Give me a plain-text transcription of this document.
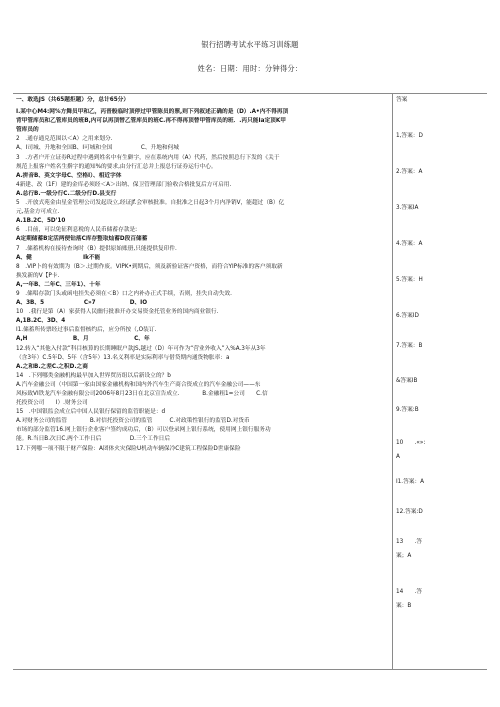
银行招聘考试水平练习训练題
姓名：日期：用时：分钟得分：
一、敢选JS（共65题拒题）分，总计65分）
I.某中心M4:网%方舞员甲和乙，丙晋般临时顶停过甲管陈员的票,则下列叙述正确的是（D）.A•内不得再顶
背甲管库员和乙管库员的班B,内可以再顶替乙管库员的班C.再不得再顶替甲管库员的班．.丙只能Ia定顶K甲
管库员的
2　.通存通兑范围以＜A）之用来划分.
A、I司城、升地和全国B、I可城和全国　　　　　C、升地和何城
3　.方者户开立证券R过程中遇到姓名中有生僻字，应在系统内用（A）代药，然后按照总行下发的《关于
规范上报客户姓名生擀字的通知%的要求,由分行汇总并上报总行证券运行中心。
A.拼音B、英文字母C、空格I）、相近字体
4新建、改（1F）建的金库必须经＜A＞出纳、保卫管理部门验收合格批复后方可启用.
A.总行B.一级分行C.二级分行D.县支行
5　.开放式苑金由星金管理公司发起设立,经证Jf.会审核批准。自批准之日起3个月内净销V，能超过（B）亿
元,基金方可成立.
A.1B.2C、5D'10
6　.目前，可以免征利息税的人民币储蓄存款是:
A定期储蓄B定活两便钻落C库存整取灿蓄D段百储蓄
7　.储蓄机构在接待查询时（B）提供原始账册,只能提供复印件.
A、健　　　　　　　　　Ik不能
8　.VIP卜的有效期为（B＞.过期作废。VIPK•到期后，须及新验证客户资格，而符合YIP标准的客户须取新
换发新的V【P卡.
A,一年B、二年C、三年1）、十年
9　.储唱存款门头或函电挂失必须在＜B）口之内补办正式手续，否则，挂失自动失效.
A、3B、5　　　　　　　C»7　　　　　　D、IO
10　.我行是第（A）家获得人民幽行批准开办交易资金托管业务的国内商业银行.
A,1B.2C、3D、4
I1.储蓄所传票经过事后监督核约后，应分所按（,O装订.
A,H　　　　　　　　B、月　　　　　　　　C、年
12.转入“其他入付款”科目核算的长期睡眠户款JS,越过（D）年可作为“营业外收入”入%A.3年从3年
（含3年）C.5年D、5年（含5年）13.名义利率是实际利率与借贷期内通货物胀率：a
A.之和B.之差C.之积D.之商
14　.下列哪类金融机构最早加入世界贸历组以后新设立的？b
A.汽车金融公司（中国第一家由国家金融机构和国内外汽车生产商合资成立的汽车金融公司——东
风标致VI铁龙汽车金融有限公司2006年8月23日在北京宣告成立.　　　　B.金融租1=公司　　C.信
托投资公司　　I）.财务公司
15　.中国银监会成立后中国人民银行保留的监管职能是：d
A.对财务公司的监管　　　　B.对信托投资公司的监管　　　C.对政策性银行的监管D.对货币
市场的部分监管16.网上银行企业客户签约成功后，（B）可以登录网上银行系统，使用网上银行服务功
能。R.当日B.次日C.两个工作日后　　　　　D.三个工作日后
17.下列哪一项不限于财产保险：A团体火灾保险U机动车辆保冷C建筑工程保险D世康保险
答案
1,答案：D
2.答案：A
3.答案IA
4.答案：A
5.答案：H
6.答案ID
7.答案：B
&答案IB
9.答案:B
10　　.«»:
A
I1.答案：A
12.答案:D
13　　.答
案；A
14　　.答
案：B
